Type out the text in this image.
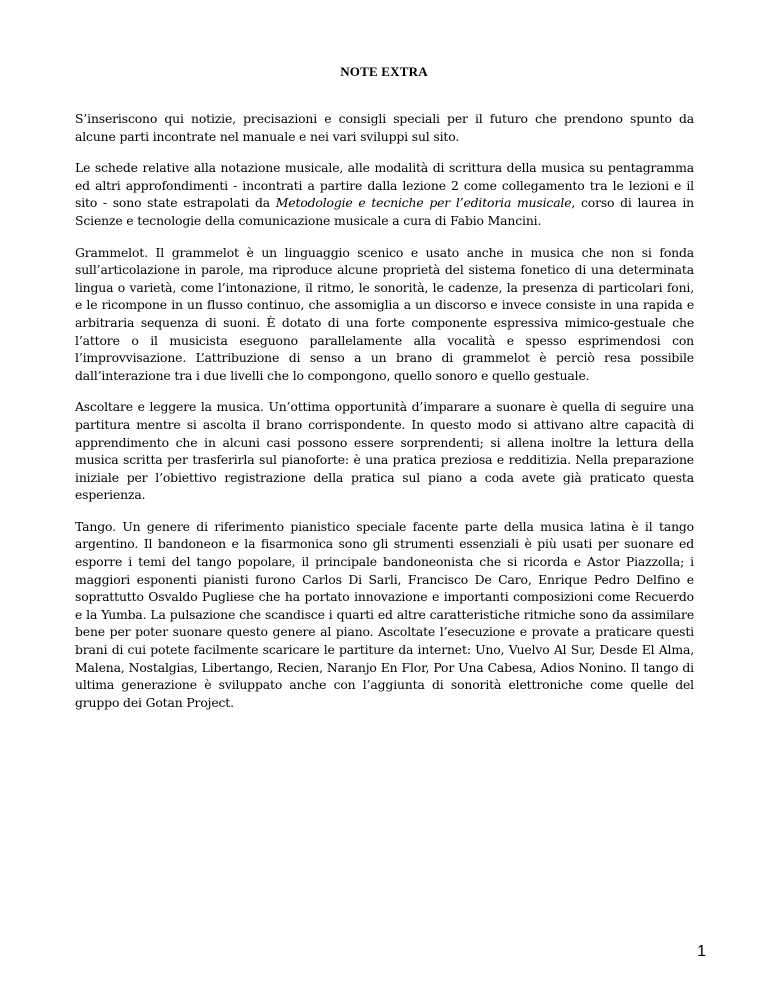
NOTE EXTRA

S’inseriscono qui notizie, precisazioni e consigli speciali per il futuro che prendono spunto da alcune parti incontrate nel manuale e nei vari sviluppi sul sito.

Le schede relative alla notazione musicale, alle modalità di scrittura della musica su pentagramma ed altri approfondimenti - incontrati a partire dalla lezione 2 come collegamento tra le lezioni e il sito - sono state estrapolati da Metodologie e tecniche per l’editoria musicale, corso di laurea in Scienze e tecnologie della comunicazione musicale a cura di Fabio Mancini.

Grammelot. Il grammelot è un linguaggio scenico e usato anche in musica che non si fonda sull’articolazione in parole, ma riproduce alcune proprietà del sistema fonetico di una determinata lingua o varietà, come l’intonazione, il ritmo, le sonorità, le cadenze, la presenza di particolari foni, e le ricompone in un flusso continuo, che assomiglia a un discorso e invece consiste in una rapida e arbitraria sequenza di suoni. È dotato di una forte componente espressiva mimico-gestuale che l’attore o il musicista eseguono parallelamente alla vocalità e spesso esprimendosi con l’improvvisazione. L’attribuzione di senso a un brano di grammelot è perciò resa possibile dall’interazione tra i due livelli che lo compongono, quello sonoro e quello gestuale.

Ascoltare e leggere la musica. Un’ottima opportunità d’imparare a suonare è quella di seguire una partitura mentre si ascolta il brano corrispondente. In questo modo si attivano altre capacità di apprendimento che in alcuni casi possono essere sorprendenti; si allena inoltre la lettura della musica scritta per trasferirla sul pianoforte: è una pratica preziosa e redditizia. Nella preparazione iniziale per l’obiettivo registrazione della pratica sul piano a coda avete già praticato questa esperienza.

Tango. Un genere di riferimento pianistico speciale facente parte della musica latina è il tango argentino. Il bandoneon e la fisarmonica sono gli strumenti essenziali è più usati per suonare ed esporre i temi del tango popolare, il principale bandoneonista che si ricorda e Astor Piazzolla; i maggiori esponenti pianisti furono Carlos Di Sarli, Francisco De Caro, Enrique Pedro Delfino e soprattutto Osvaldo Pugliese che ha portato innovazione e importanti composizioni come Recuerdo e la Yumba. La pulsazione che scandisce i quarti ed altre caratteristiche ritmiche sono da assimilare bene per poter suonare questo genere al piano. Ascoltate l’esecuzione e provate a praticare questi brani di cui potete facilmente scaricare le partiture da internet: Uno, Vuelvo Al Sur, Desde El Alma, Malena, Nostalgias, Libertango, Recien, Naranjo En Flor, Por Una Cabesa, Adios Nonino. Il tango di ultima generazione è sviluppato anche con l’aggiunta di sonorità elettroniche come quelle del gruppo dei Gotan Project.

1
